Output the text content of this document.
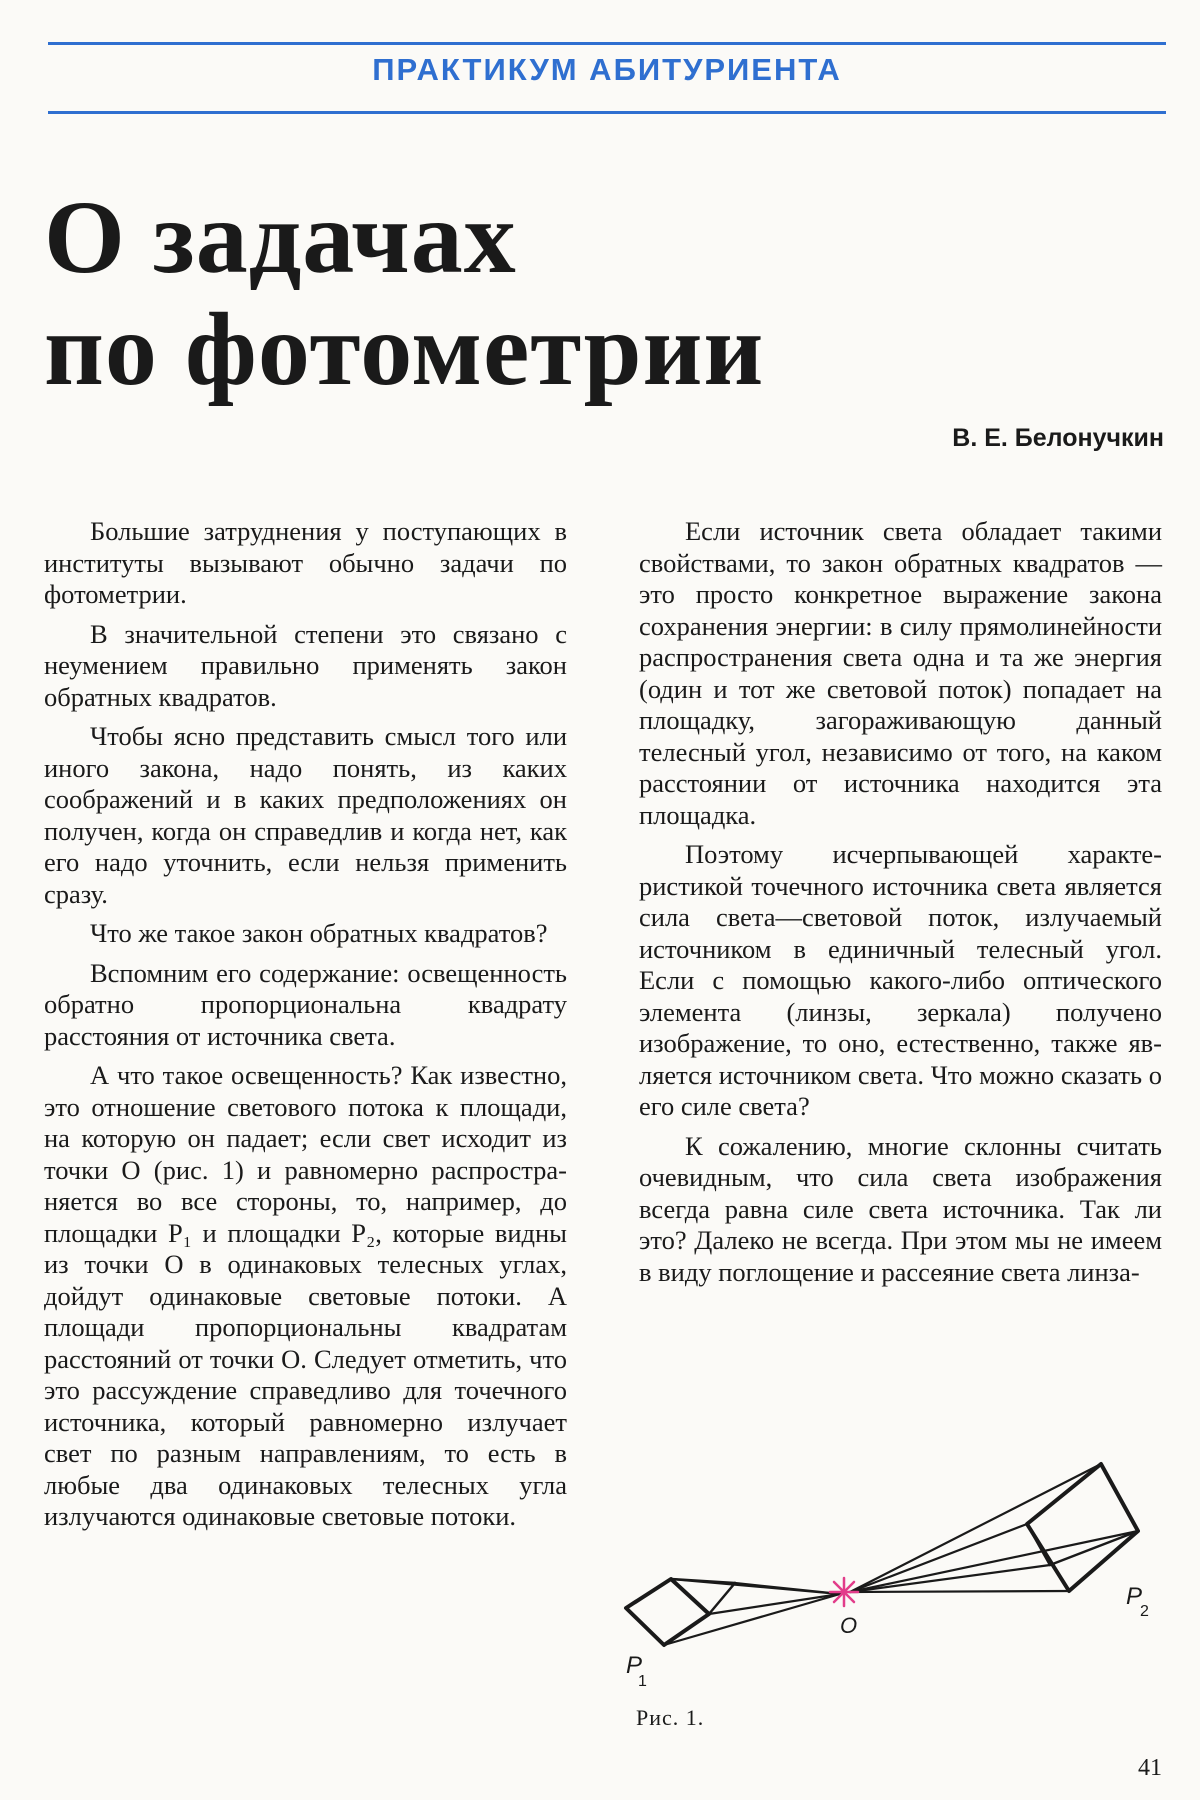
ПРАКТИКУМ АБИТУРИЕНТА
О задачах
по фотометрии
В. Е. Белонучкин

Большие затруднения у поступающих в институты вызывают обычно задачи по фотометрии.

В значительной степени это связано с неумением правильно применять закон обратных квадратов.

Чтобы ясно представить смысл того или иного закона, надо понять, из каких соображений и в каких предположениях он получен, когда он справедлив и когда нет, как его надо уточнить, если нельзя применить сразу.

Что же такое закон обратных квадратов?

Вспомним его содержание: освещенность обратно пропорциональна квадрату расстояния от источника света.

А что такое освещенность? Как известно, это отношение светового потока к площади, на которую он падает; если свет исходит из точки O (рис. 1) и равномерно распространяется во все стороны, то, например, до площадки P₁ и площадки P₂, которые видны из точки O в одинаковых телесных углах, дойдут одинаковые световые потоки. А площади пропорциональны квадратам расстояний от точки O. Следует отметить, что это рассуждение справедливо для точечного источника, который равномерно излучает свет по разным направлениям, то есть в любые два одинаковых телесных угла излучаются одинаковые световые потоки.

Если источник света обладает такими свойствами, то закон обратных квадратов — это просто конкретное выражение закона сохранения энергии: в силу прямолинейности распространения света одна и та же энергия (один и тот же световой поток) попадает на площадку, загораживающую данный телесный угол, независимо от того, на каком расстоянии от источника находится эта площадка.

Поэтому исчерпывающей характеристикой точечного источника света является сила света—световой поток, излучаемый источником в единичный телесный угол. Если с помощью какого-либо оптического элемента (линзы, зеркала) получено изображение, то оно, естественно, также является источником света. Что можно сказать о его силе света?

К сожалению, многие склонны считать очевидным, что сила света изображения всегда равна силе света источника. Так ли это? Далеко не всегда. При этом мы не имеем в виду поглощение и рассеяние света линза-

O
P
1
P
2
Рис. 1.
41
